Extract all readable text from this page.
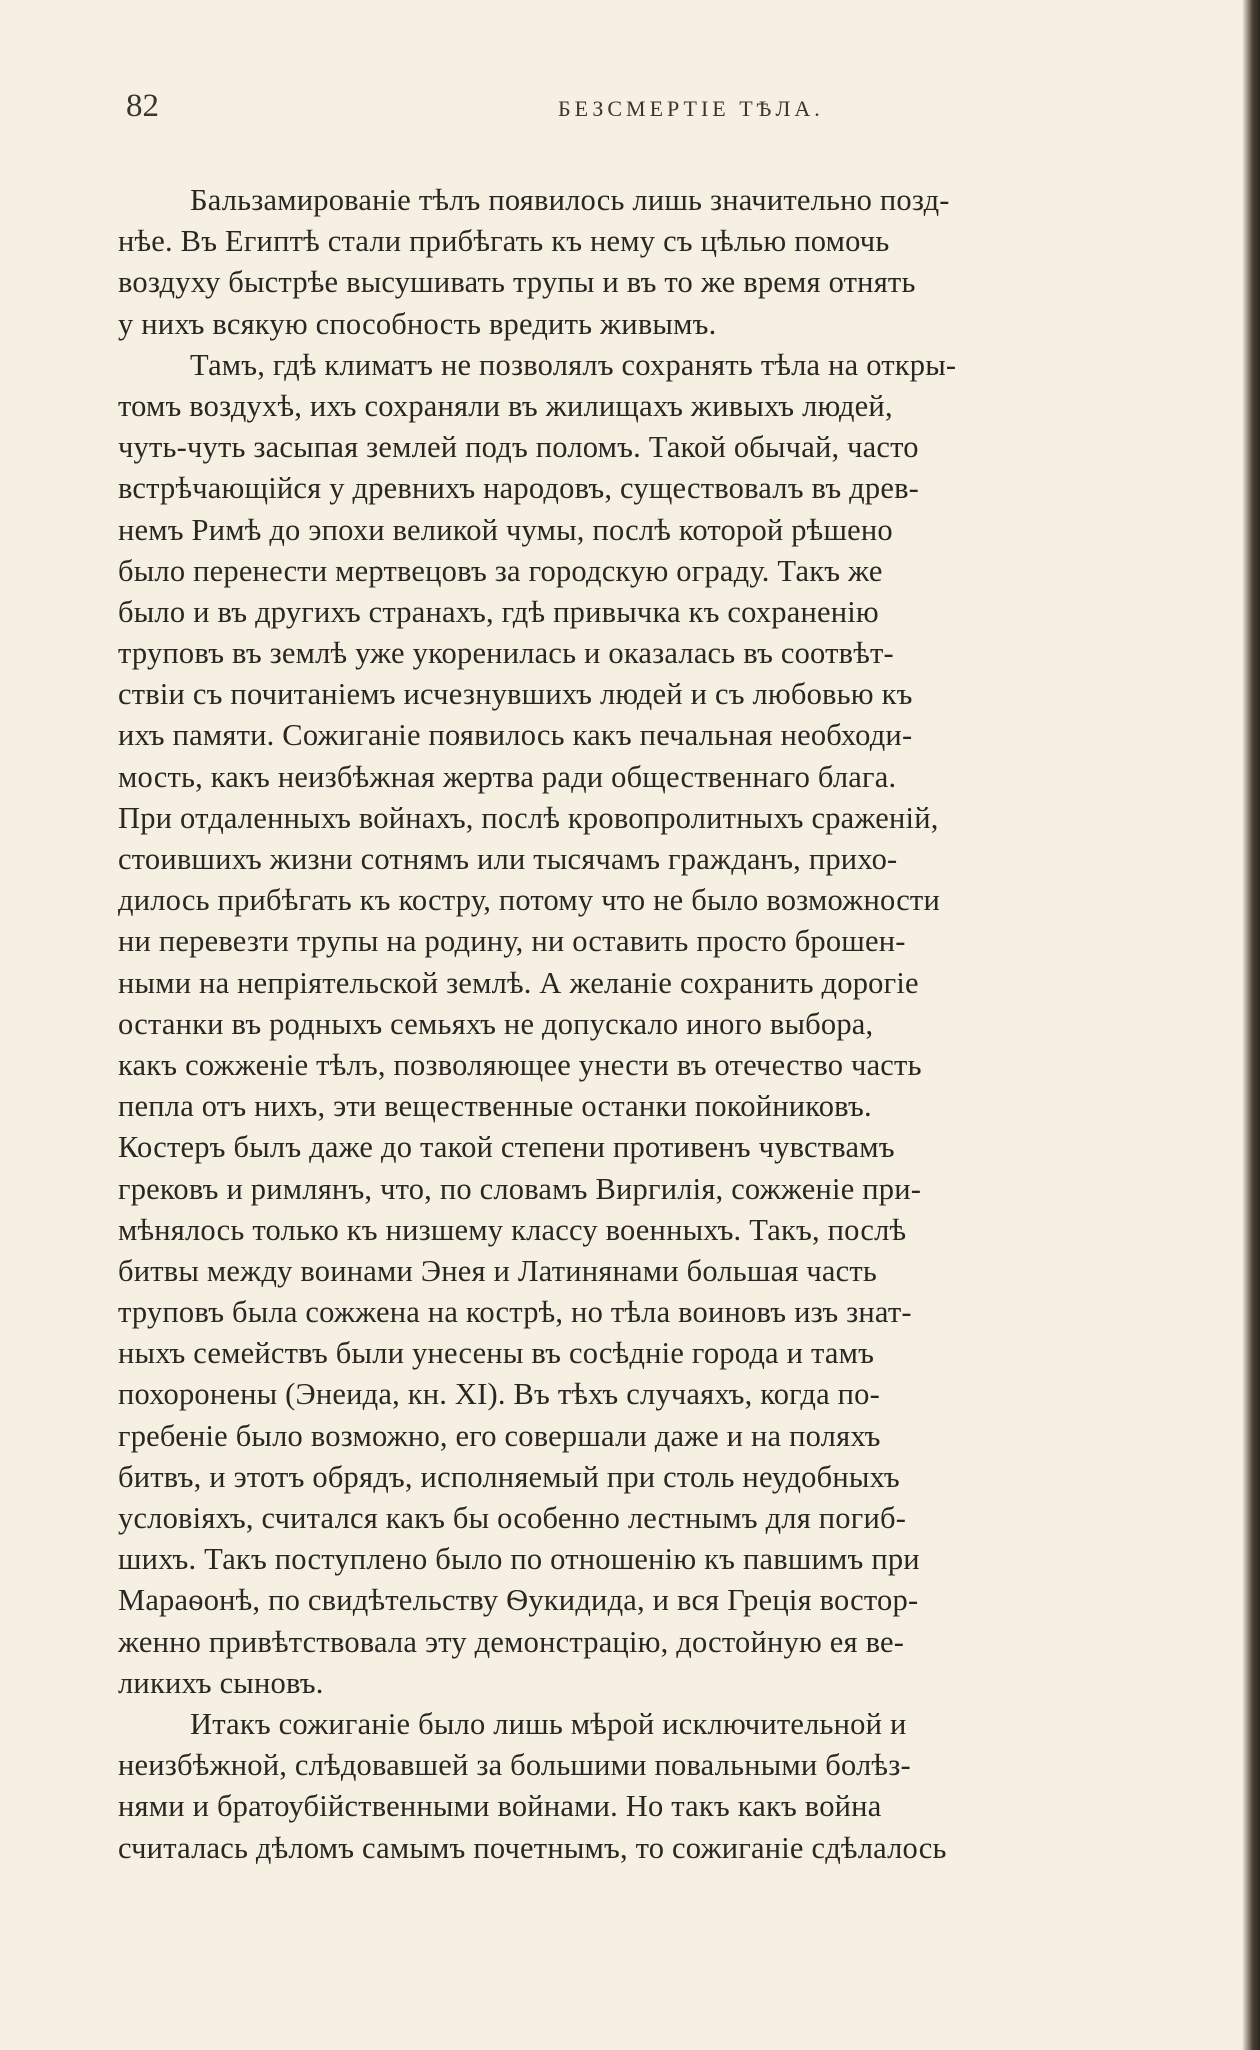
82	БЕЗСМЕРТІЕ ТѢЛА.
Бальзамированіе тѣлъ появилось лишь значительно позд-
нѣе. Въ Египтѣ стали прибѣгать къ нему съ цѣлью помочь
воздуху быстрѣе высушивать трупы и въ то же время отнять
у нихъ всякую способность вредить живымъ.
Тамъ, гдѣ климатъ не позволялъ сохранять тѣла на откры-
томъ воздухѣ, ихъ сохраняли въ жилищахъ живыхъ людей,
чуть-чуть засыпая землей подъ поломъ. Такой обычай, часто
встрѣчающійся у древнихъ народовъ, существовалъ въ древ-
немъ Римѣ до эпохи великой чумы, послѣ которой рѣшено
было перенести мертвецовъ за городскую ограду. Такъ же
было и въ другихъ странахъ, гдѣ привычка къ сохраненію
труповъ въ землѣ уже укоренилась и оказалась въ соотвѣт-
ствіи съ почитаніемъ исчезнувшихъ людей и съ любовью къ
ихъ памяти. Сожиганіе появилось какъ печальная необходи-
мость, какъ неизбѣжная жертва ради общественнаго блага.
При отдаленныхъ войнахъ, послѣ кровопролитныхъ сраженій,
стоившихъ жизни сотнямъ или тысячамъ гражданъ, прихо-
дилось прибѣгать къ костру, потому что не было возможности
ни перевезти трупы на родину, ни оставить просто брошен-
ными на непріятельской землѣ. А желаніе сохранить дорогіе
останки въ родныхъ семьяхъ не допускало иного выбора,
какъ сожженіе тѣлъ, позволяющее унести въ отечество часть
пепла отъ нихъ, эти вещественные останки покойниковъ.
Костеръ былъ даже до такой степени противенъ чувствамъ
грековъ и римлянъ, что, по словамъ Виргилія, сожженіе при-
мѣнялось только къ низшему классу военныхъ. Такъ, послѣ
битвы между воинами Энея и Латинянами большая часть
труповъ была сожжена на кострѣ, но тѣла воиновъ изъ знат-
ныхъ семействъ были унесены въ сосѣдніе города и тамъ
похоронены (Энеида, кн. XI). Въ тѣхъ случаяхъ, когда по-
гребеніе было возможно, его совершали даже и на поляхъ
битвъ, и этотъ обрядъ, исполняемый при столь неудобныхъ
условіяхъ, считался какъ бы особенно лестнымъ для погиб-
шихъ. Такъ поступлено было по отношенію къ павшимъ при
Мараѳонѣ, по свидѣтельству Ѳукидида, и вся Греція востор-
женно привѣтствовала эту демонстрацію, достойную ея ве-
ликихъ сыновъ.
Итакъ сожиганіе было лишь мѣрой исключительной и
неизбѣжной, слѣдовавшей за большими повальными болѣз-
нями и братоубійственными войнами. Но такъ какъ война
считалась дѣломъ самымъ почетнымъ, то сожиганіе сдѣлалось
